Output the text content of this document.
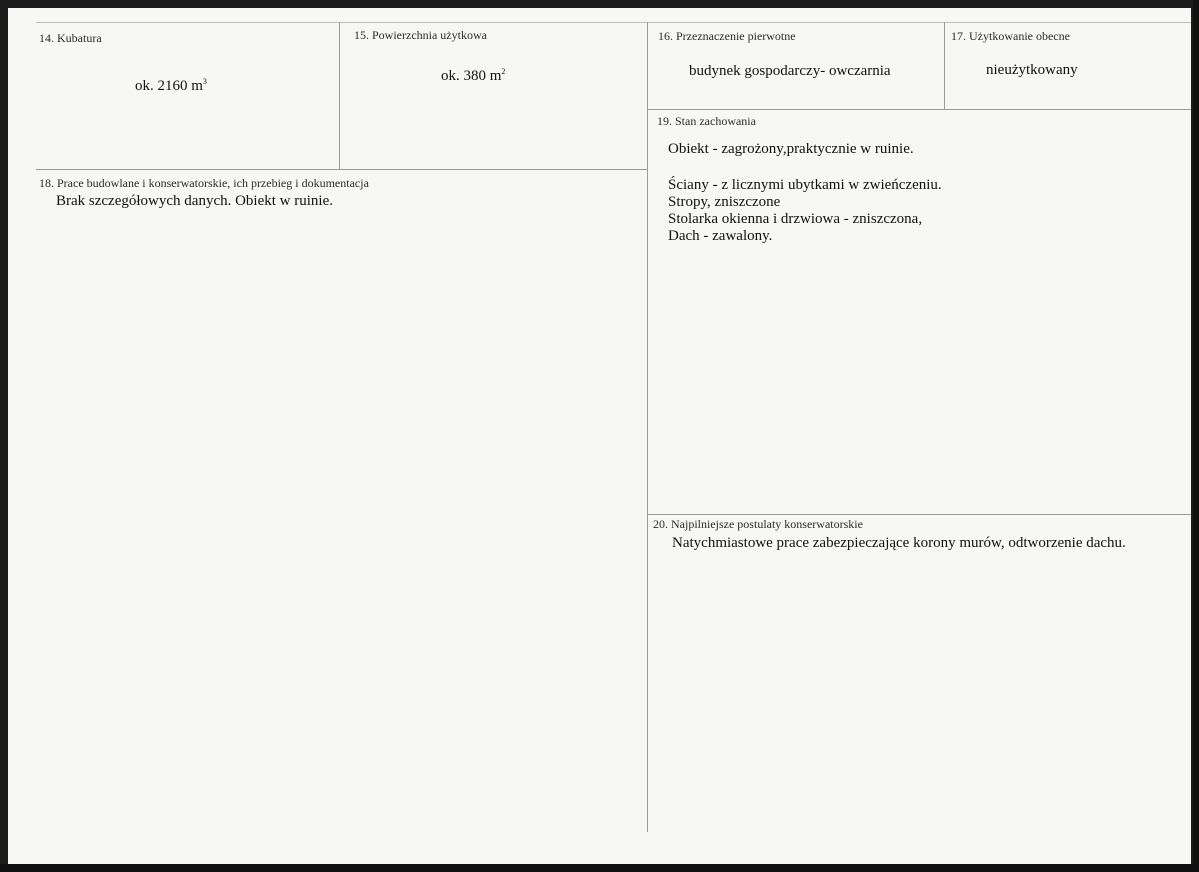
14. Kubatura
ok. 2160 $m^3$
15. Powierzchnia użytkowa
ok. 380 $m^2$
16. Przeznaczenie pierwotne
budynek gospodarczy- owczarnia
17. Użytkowanie obecne
nieużytkowany
18. Prace budowlane i konserwatorskie, ich przebieg i dokumentacja
Brak szczegółowych danych. Obiekt w ruinie.
19. Stan zachowania
Obiekt - zagrożony,praktycznie w ruinie.
Ściany - z licznymi ubytkami w zwieńczeniu.
Stropy, zniszczone
Stolarka okienna i drzwiowa - zniszczona,
Dach - zawalony.
20. Najpilniejsze postulaty konserwatorskie
Natychmiastowe prace zabezpieczające korony murów, odtworzenie dachu.
